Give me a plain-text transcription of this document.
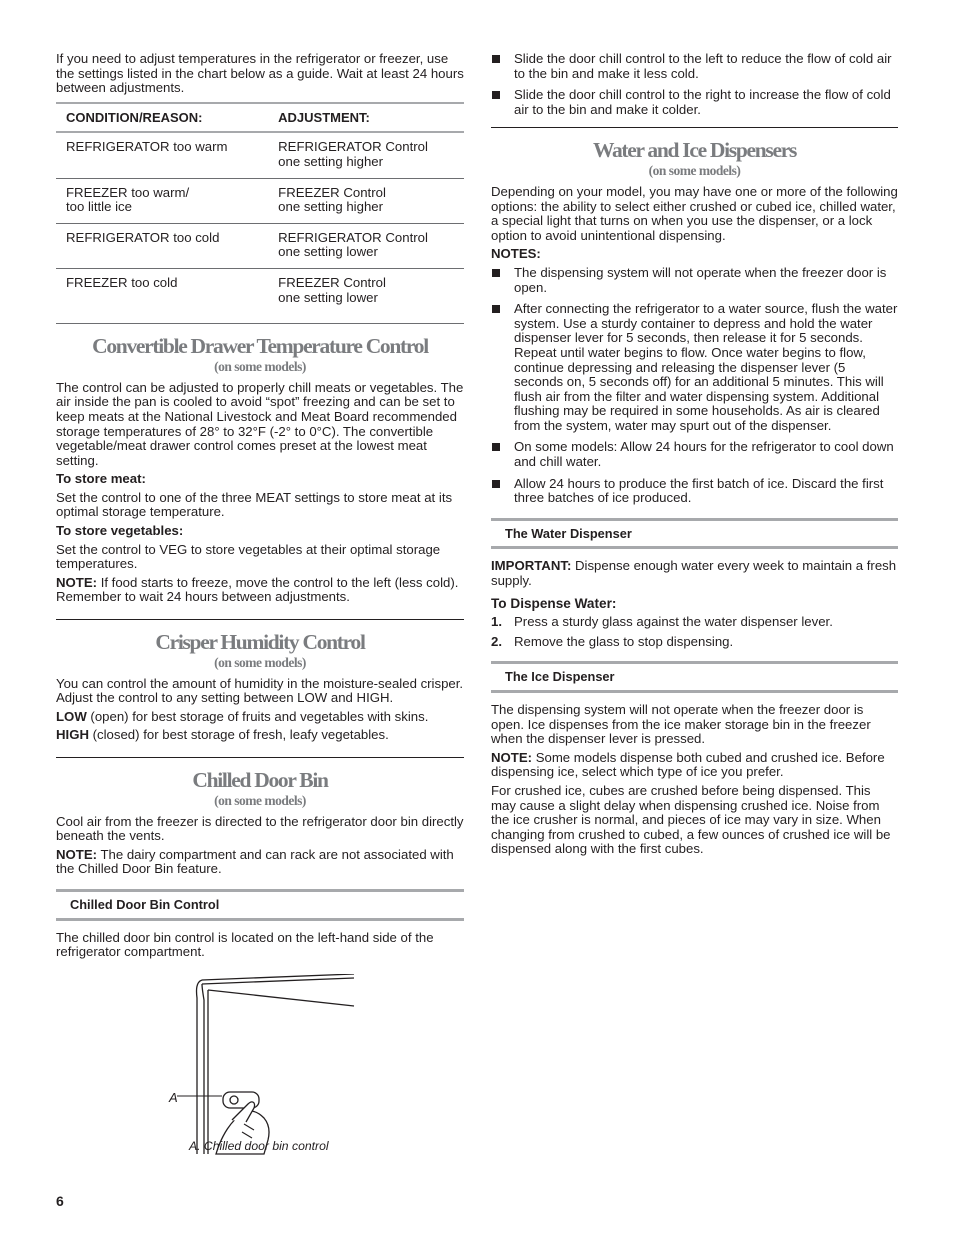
If you need to adjust temperatures in the refrigerator or freezer, use the settings listed in the chart below as a guide. Wait at least 24 hours between adjustments.

CONDITION/REASON:	ADJUSTMENT:
REFRIGERATOR too warm	REFRIGERATOR Control
one setting higher
FREEZER too warm/
too little ice	FREEZER Control
one setting higher
REFRIGERATOR too cold	REFRIGERATOR Control
one setting lower
FREEZER too cold	FREEZER Control
one setting lower
Convertible Drawer Temperature Control
(on some models)

The control can be adjusted to properly chill meats or vegetables. The air inside the pan is cooled to avoid “spot” freezing and can be set to keep meats at the National Livestock and Meat Board recommended storage temperatures of 28° to 32°F (-2° to 0°C). The convertible vegetable/meat drawer control comes preset at the lowest meat setting.

To store meat:

Set the control to one of the three MEAT settings to store meat at its optimal storage temperature.

To store vegetables:

Set the control to VEG to store vegetables at their optimal storage temperatures.

NOTE: If food starts to freeze, move the control to the left (less cold). Remember to wait 24 hours between adjustments.

Crisper Humidity Control
(on some models)

You can control the amount of humidity in the moisture-sealed crisper. Adjust the control to any setting between LOW and HIGH.

LOW (open) for best storage of fruits and vegetables with skins.

HIGH (closed) for best storage of fresh, leafy vegetables.

Chilled Door Bin
(on some models)

Cool air from the freezer is directed to the refrigerator door bin directly beneath the vents.

NOTE: The dairy compartment and can rack are not associated with the Chilled Door Bin feature.

Chilled Door Bin Control

The chilled door bin control is located on the left-hand side of the refrigerator compartment.

A
A. Chilled door bin control
Slide the door chill control to the left to reduce the flow of cold air to the bin and make it less cold.
Slide the door chill control to the right to increase the flow of cold air to the bin and make it colder.
Water and Ice Dispensers
(on some models)

Depending on your model, you may have one or more of the following options: the ability to select either crushed or cubed ice, chilled water, a special light that turns on when you use the dispenser, or a lock option to avoid unintentional dispensing.

NOTES:

The dispensing system will not operate when the freezer door is open.
After connecting the refrigerator to a water source, flush the water system. Use a sturdy container to depress and hold the water dispenser lever for 5 seconds, then release it for 5 seconds. Repeat until water begins to flow. Once water begins to flow, continue depressing and releasing the dispenser lever (5 seconds on, 5 seconds off) for an additional 5 minutes. This will flush air from the filter and water dispensing system. Additional flushing may be required in some households. As air is cleared from the system, water may spurt out of the dispenser.
On some models: Allow 24 hours for the refrigerator to cool down and chill water.
Allow 24 hours to produce the first batch of ice. Discard the first three batches of ice produced.
The Water Dispenser

IMPORTANT: Dispense enough water every week to maintain a fresh supply.

To Dispense Water:

1. Press a sturdy glass against the water dispenser lever.
2. Remove the glass to stop dispensing.
The Ice Dispenser

The dispensing system will not operate when the freezer door is open. Ice dispenses from the ice maker storage bin in the freezer when the dispenser lever is pressed.

NOTE: Some models dispense both cubed and crushed ice. Before dispensing ice, select which type of ice you prefer.

For crushed ice, cubes are crushed before being dispensed. This may cause a slight delay when dispensing crushed ice. Noise from the ice crusher is normal, and pieces of ice may vary in size. When changing from crushed to cubed, a few ounces of crushed ice will be dispensed along with the first cubes.

6
